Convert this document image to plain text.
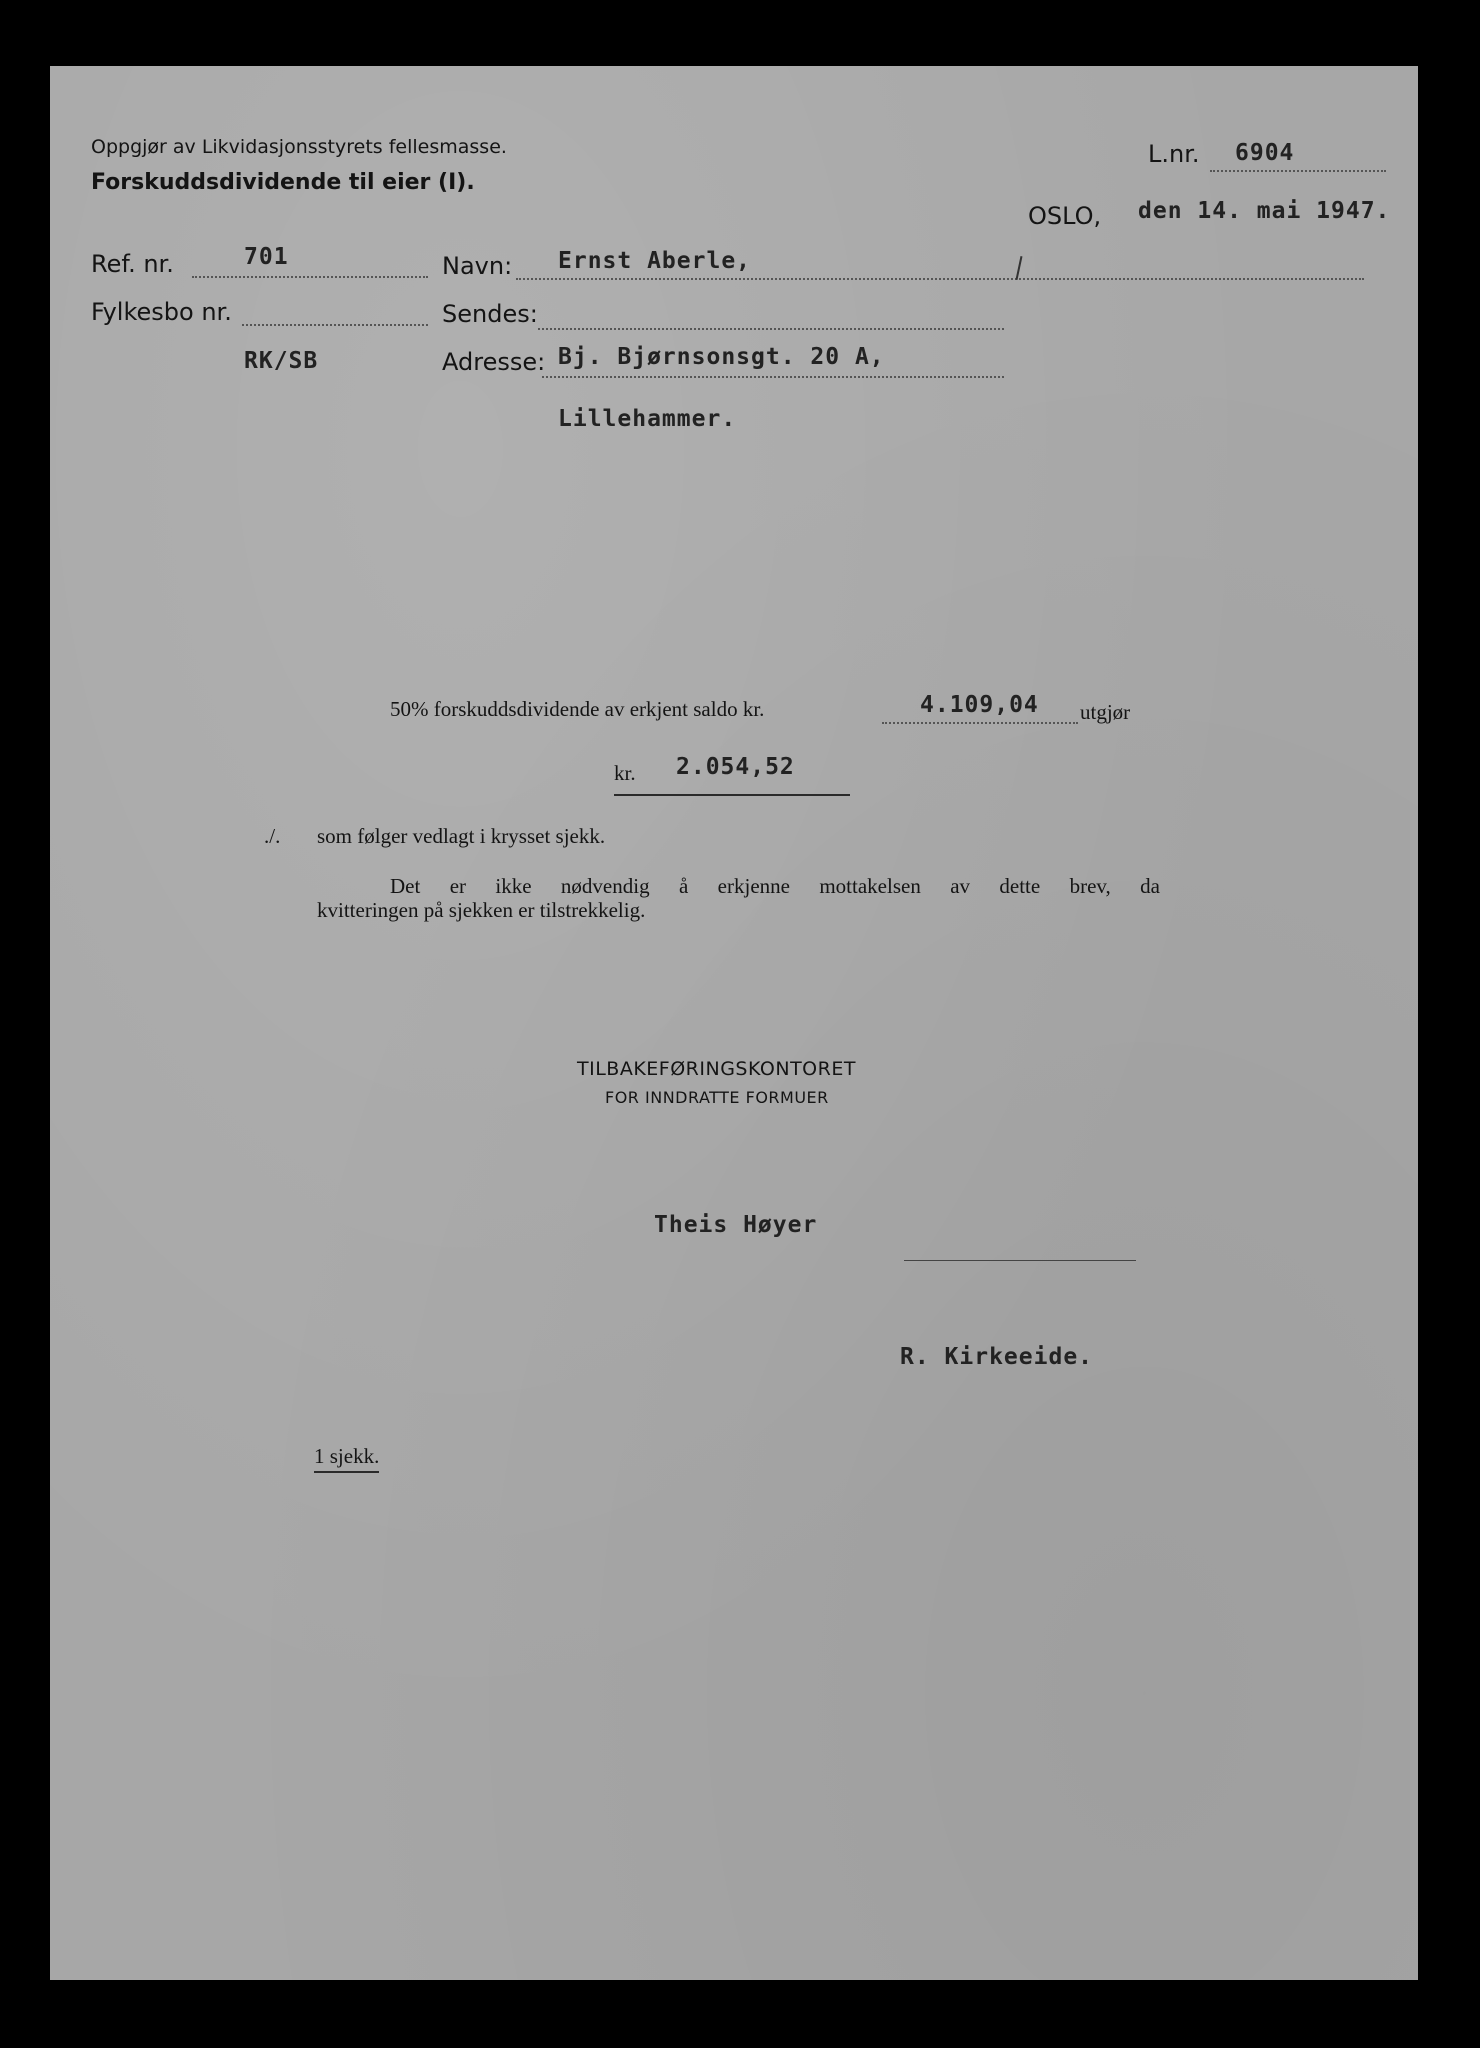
Oppgjør av Likvidasjonsstyrets fellesmasse.
Forskuddsdividende til eier (I).
L.nr. 6904
OSLO, den 14. mai 1947.
Ref. nr.	701
Fylkesbo nr.
RK/SB
Navn: Ernst Aberle,
Sendes:
Adresse: Bj. Bjørnsonsgt. 20 A,
Lillehammer.
50% forskuddsdividende av erkjent saldo kr.	4.109,04 utgjør
kr. 2.054,52
./. som følger vedlagt i krysset sjekk.
Det er ikke nødvendig å erkjenne mottakelsen av dette brev, da
kvitteringen på sjekken er tilstrekkelig.
TILBAKEFØRINGSKONTORET
FOR INNDRATTE FORMUER
Theis Høyer
R. Kirkeeide.
1 sjekk.
